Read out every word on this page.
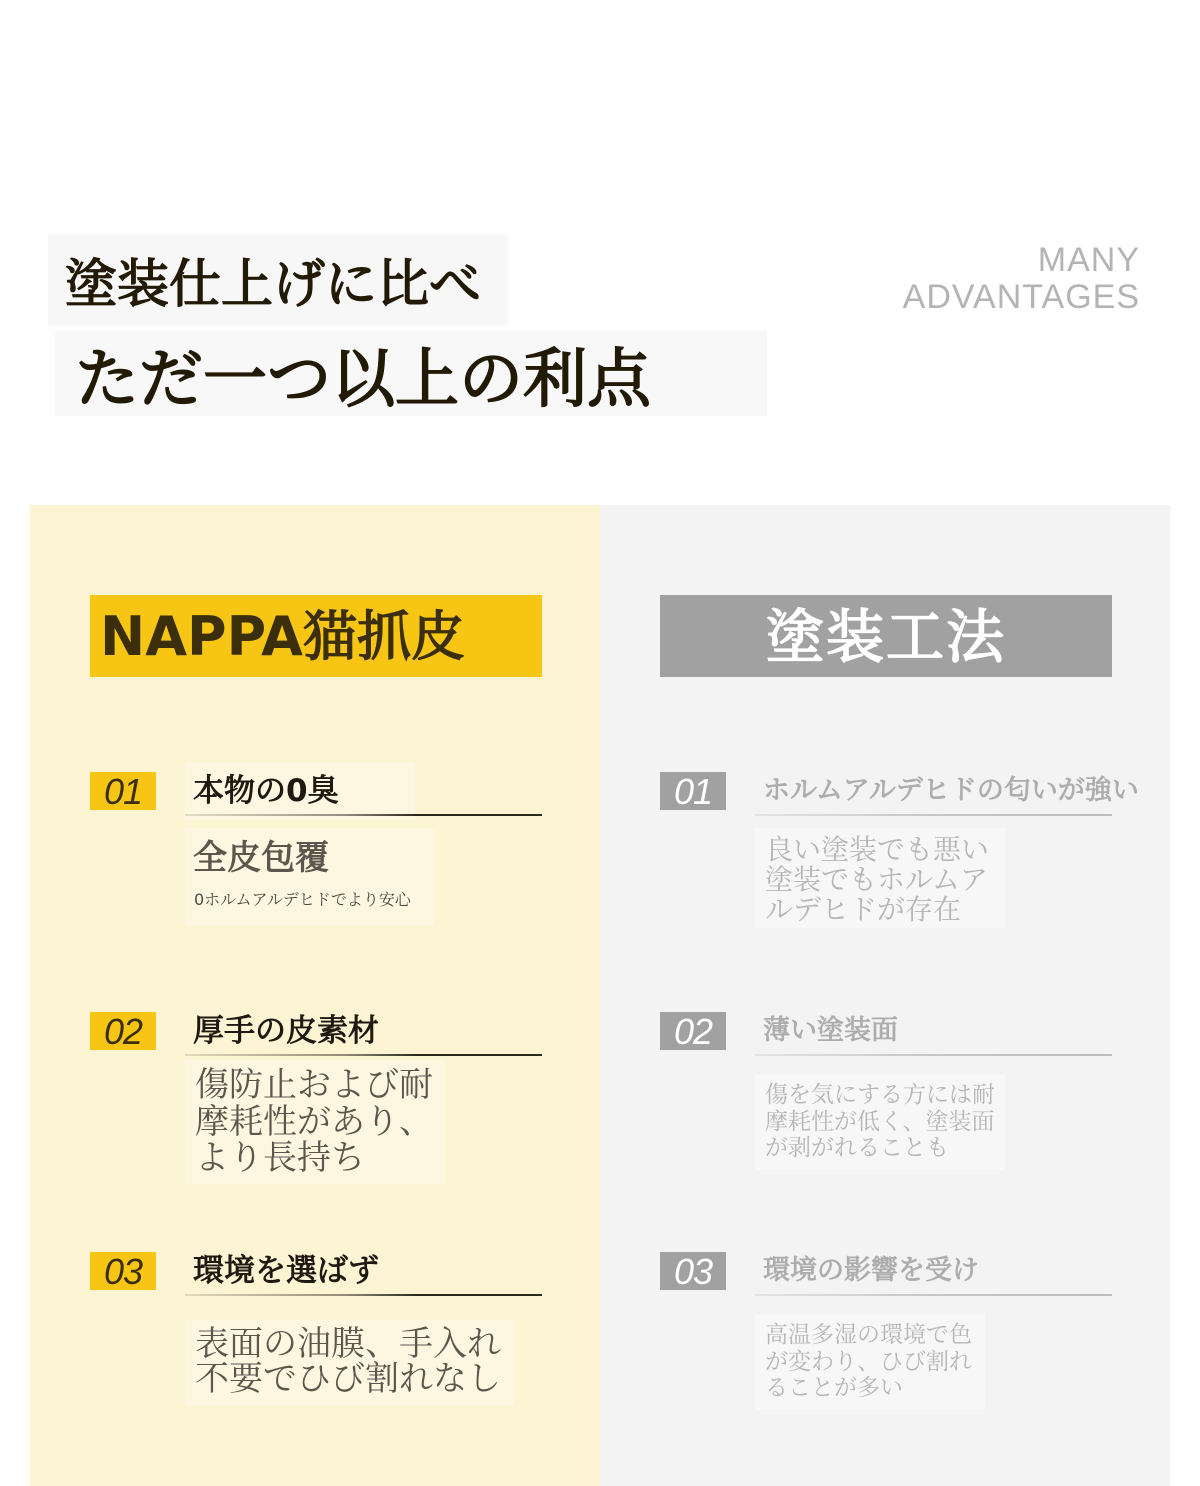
塗装仕上げに比べ
ただ一つ以上の利点
MANY
ADVANTAGES
NAPPA猫抓皮	塗装工法
01	本物の0臭
全皮包覆
0ホルムアルデヒドでより安心
02	厚手の皮素材
傷防止および耐
摩耗性があり、
より長持ち
03	環境を選ばず
表面の油膜、手入れ
不要でひび割れなし
01	ホルムアルデヒドの匂いが強い
良い塗装でも悪い
塗装でもホルムア
ルデヒドが存在
02	薄い塗装面
傷を気にする方には耐
摩耗性が低く、塗装面
が剥がれることも
03	環境の影響を受け
高温多湿の環境で色
が変わり、ひび割れ
ることが多い
